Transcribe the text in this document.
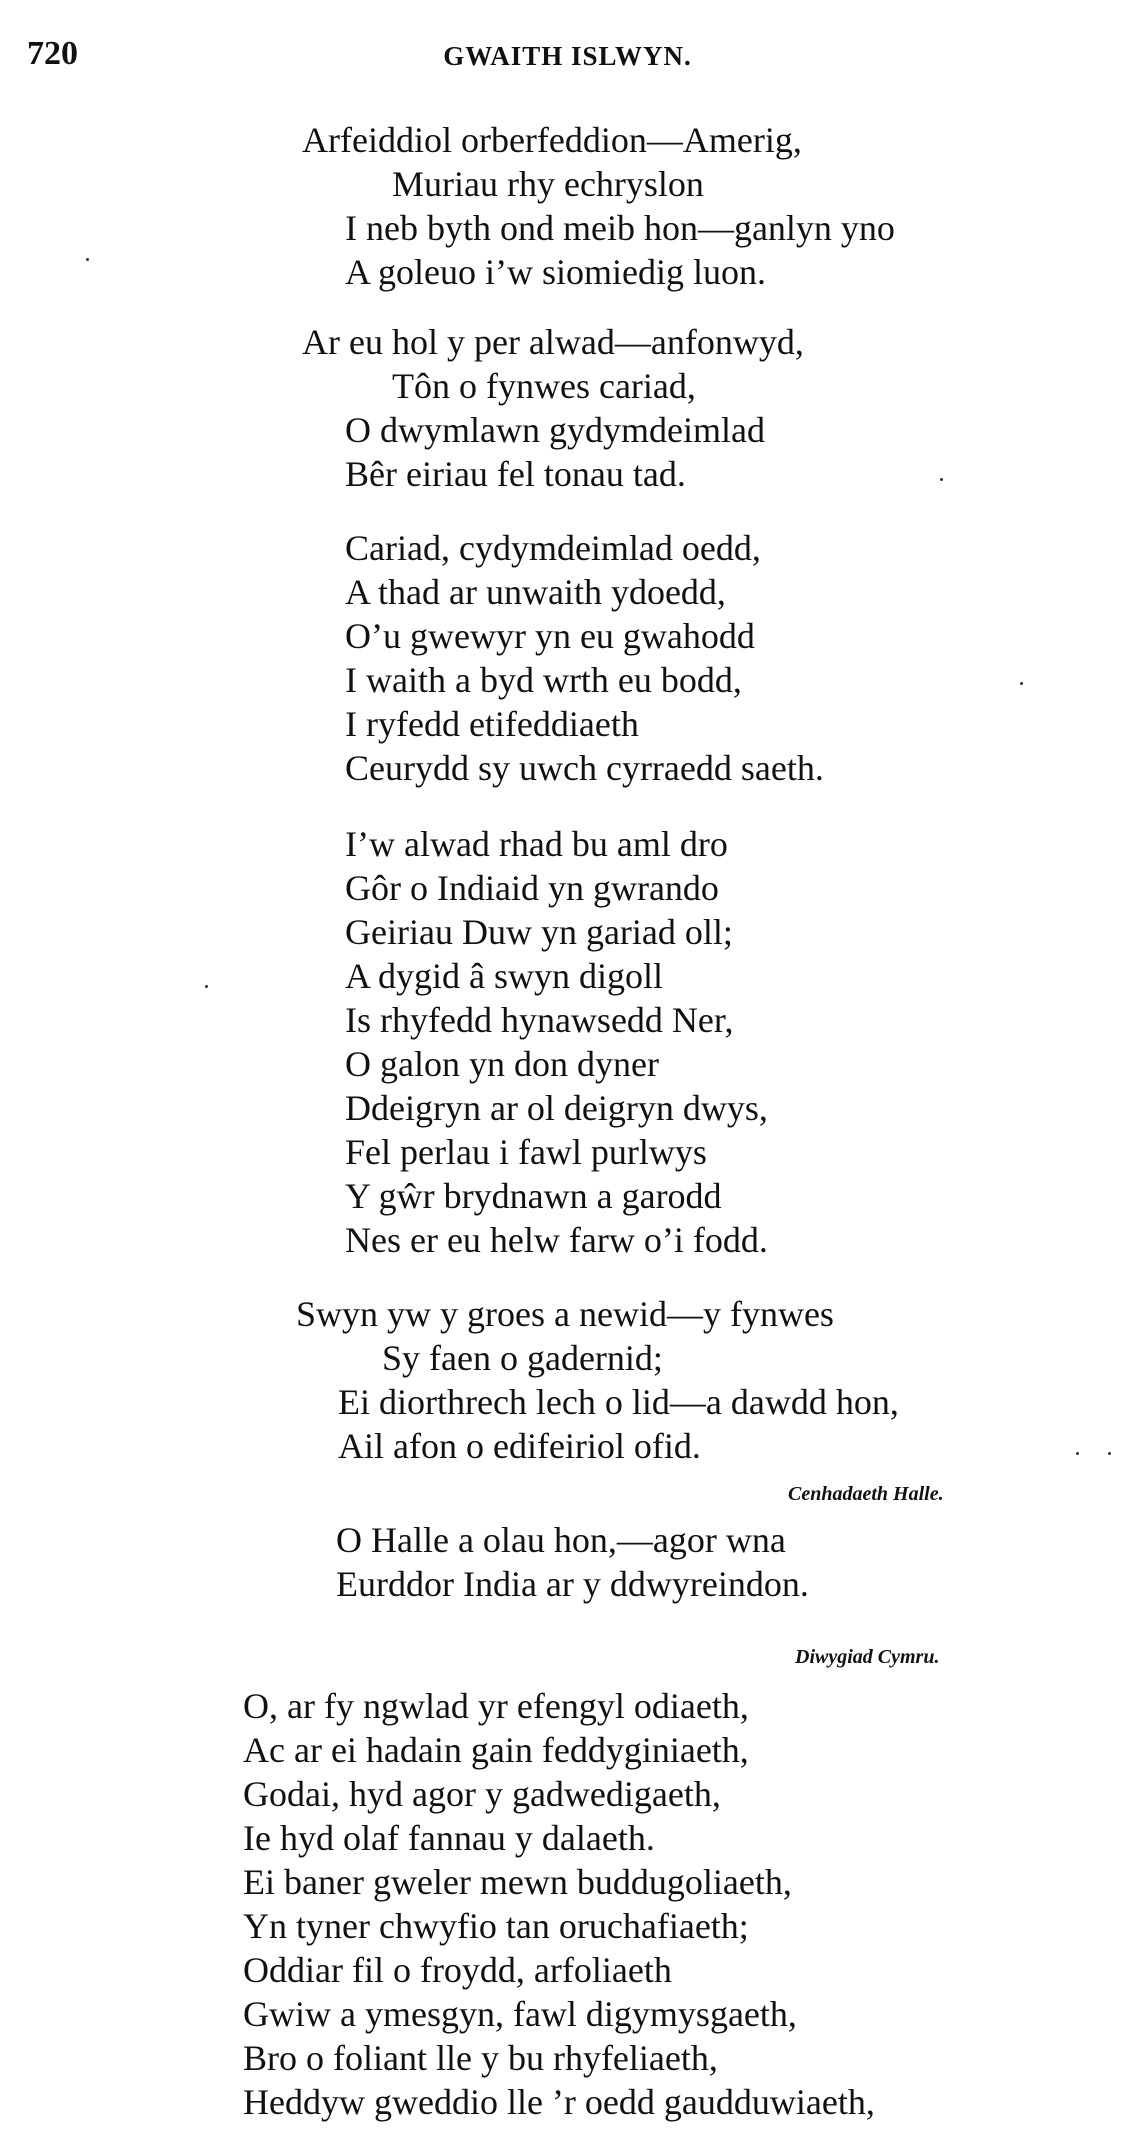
720	GWAITH ISLWYN.
Arfeiddiol orberfeddion—Amerig,
Muriau rhy echryslon
I neb byth ond meib hon—ganlyn yno
A goleuo i’w siomiedig luon.
Ar eu hol y per alwad—anfonwyd,
Tôn o fynwes cariad,
O dwymlawn gydymdeimlad
Bêr eiriau fel tonau tad.
Cariad, cydymdeimlad oedd,
A thad ar unwaith ydoedd,
O’u gwewyr yn eu gwahodd
I waith a byd wrth eu bodd,
I ryfedd etifeddiaeth
Ceurydd sy uwch cyrraedd saeth.
I’w alwad rhad bu aml dro
Gôr o Indiaid yn gwrando
Geiriau Duw yn gariad oll;
A dygid â swyn digoll
Is rhyfedd hynawsedd Ner,
O galon yn don dyner
Ddeigryn ar ol deigryn dwys,
Fel perlau i fawl purlwys
Y gŵr brydnawn a garodd
Nes er eu helw farw o’i fodd.
Swyn yw y groes a newid—y fynwes
Sy faen o gadernid;
Ei diorthrech lech o lid—a dawdd hon,
Ail afon o edifeiriol ofid.
Cenhadaeth Halle.
O Halle a olau hon,—agor wna
Eurddor India ar y ddwyreindon.
Diwygiad Cymru.
O, ar fy ngwlad yr efengyl odiaeth,
Ac ar ei hadain gain feddyginiaeth,
Godai, hyd agor y gadwedigaeth,
Ie hyd olaf fannau y dalaeth.
Ei baner gweler mewn buddugoliaeth,
Yn tyner chwyfio tan oruchafiaeth;
Oddiar fil o froydd, arfoliaeth
Gwiw a ymesgyn, fawl digymysgaeth,
Bro o foliant lle y bu rhyfeliaeth,
Heddyw gweddio lle ’r oedd gaudduwiaeth,
